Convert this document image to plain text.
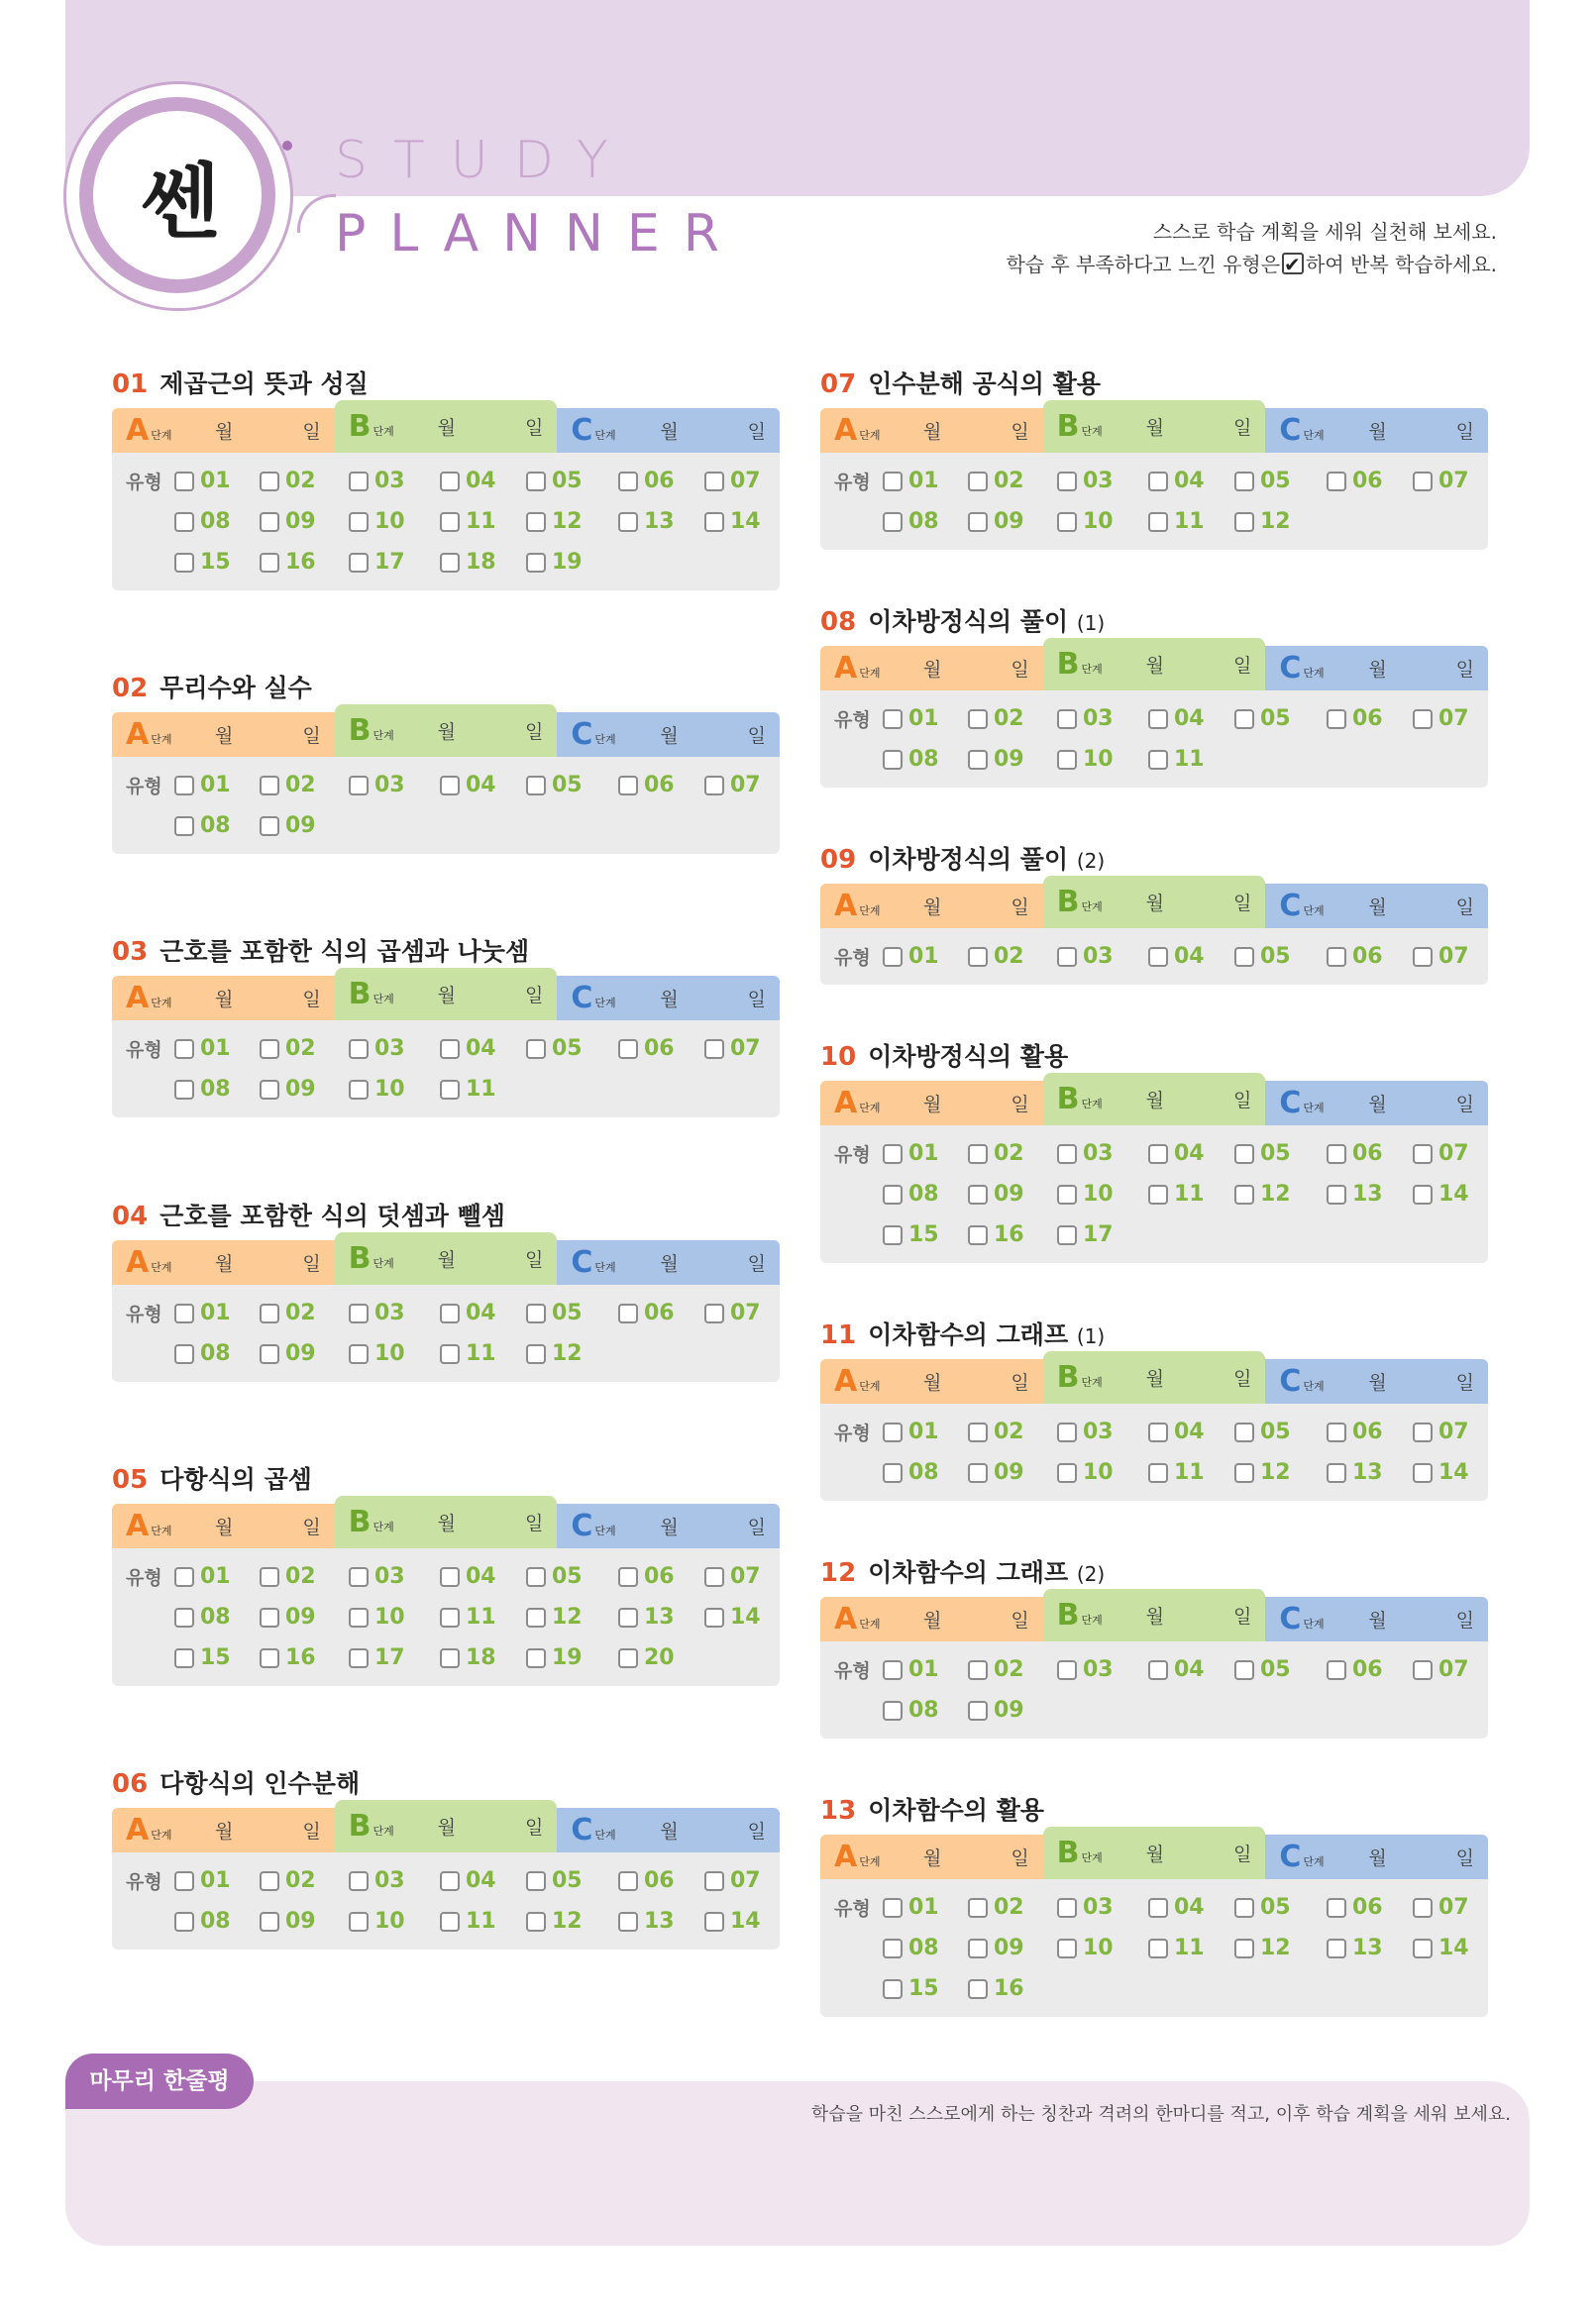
쎈	STUDY
PLANNER	스스로 학습 계획을 세워 실천해 보세요.
학습 후 부족하다고 느낀 유형은 ✔ 하여 반복 학습하세요.
01 제곱근의 뜻과 성질
A 단계 월	일 B 단계 월	일 C 단계 월	일
유형	01	02	03	04	05	06	07
08	09	10	11	12	13	14
15	16	17	18	19
02 무리수와 실수
A 단계 월	일 B 단계 월	일 C 단계 월	일
유형	01	02	03	04	05	06	07
08	09
03 근호를 포함한 식의 곱셈과 나눗셈
A 단계 월	일 B 단계 월	일 C 단계 월	일
유형	01	02	03	04	05	06	07
08	09	10	11
04 근호를 포함한 식의 덧셈과 뺄셈
A 단계 월	일 B 단계 월	일 C 단계 월	일
유형	01	02	03	04	05	06	07
08	09	10	11	12
05 다항식의 곱셈
A 단계 월	일 B 단계 월	일 C 단계 월	일
유형	01	02	03	04	05	06	07
08	09	10	11	12	13	14
15	16	17	18	19	20
06 다항식의 인수분해
A 단계 월	일 B 단계 월	일 C 단계 월	일
유형	01	02	03	04	05	06	07
08	09	10	11	12	13	14
07 인수분해 공식의 활용
A 단계 월	일 B 단계 월	일 C 단계 월	일
유형	01	02	03	04	05	06	07
08	09	10	11	12
08 이차방정식의 풀이 (1)
A 단계 월	일 B 단계 월	일 C 단계 월	일
유형	01	02	03	04	05	06	07
08	09	10	11
09 이차방정식의 풀이 (2)
A 단계 월	일 B 단계 월	일 C 단계 월	일
유형	01	02	03	04	05	06	07
10 이차방정식의 활용
A 단계 월	일 B 단계 월	일 C 단계 월	일
유형	01	02	03	04	05	06	07
08	09	10	11	12	13	14
15	16	17
11 이차함수의 그래프 (1)
A 단계 월	일 B 단계 월	일 C 단계 월	일
유형	01	02	03	04	05	06	07
08	09	10	11	12	13	14
12 이차함수의 그래프 (2)
A 단계 월	일 B 단계 월	일 C 단계 월	일
유형	01	02	03	04	05	06	07
08	09
13 이차함수의 활용
A 단계 월	일 B 단계 월	일 C 단계 월	일
유형	01	02	03	04	05	06	07
08	09	10	11	12	13	14
15	16
마무리 한줄평
학습을 마친 스스로에게 하는 칭찬과 격려의 한마디를 적고, 이후 학습 계획을 세워 보세요.
